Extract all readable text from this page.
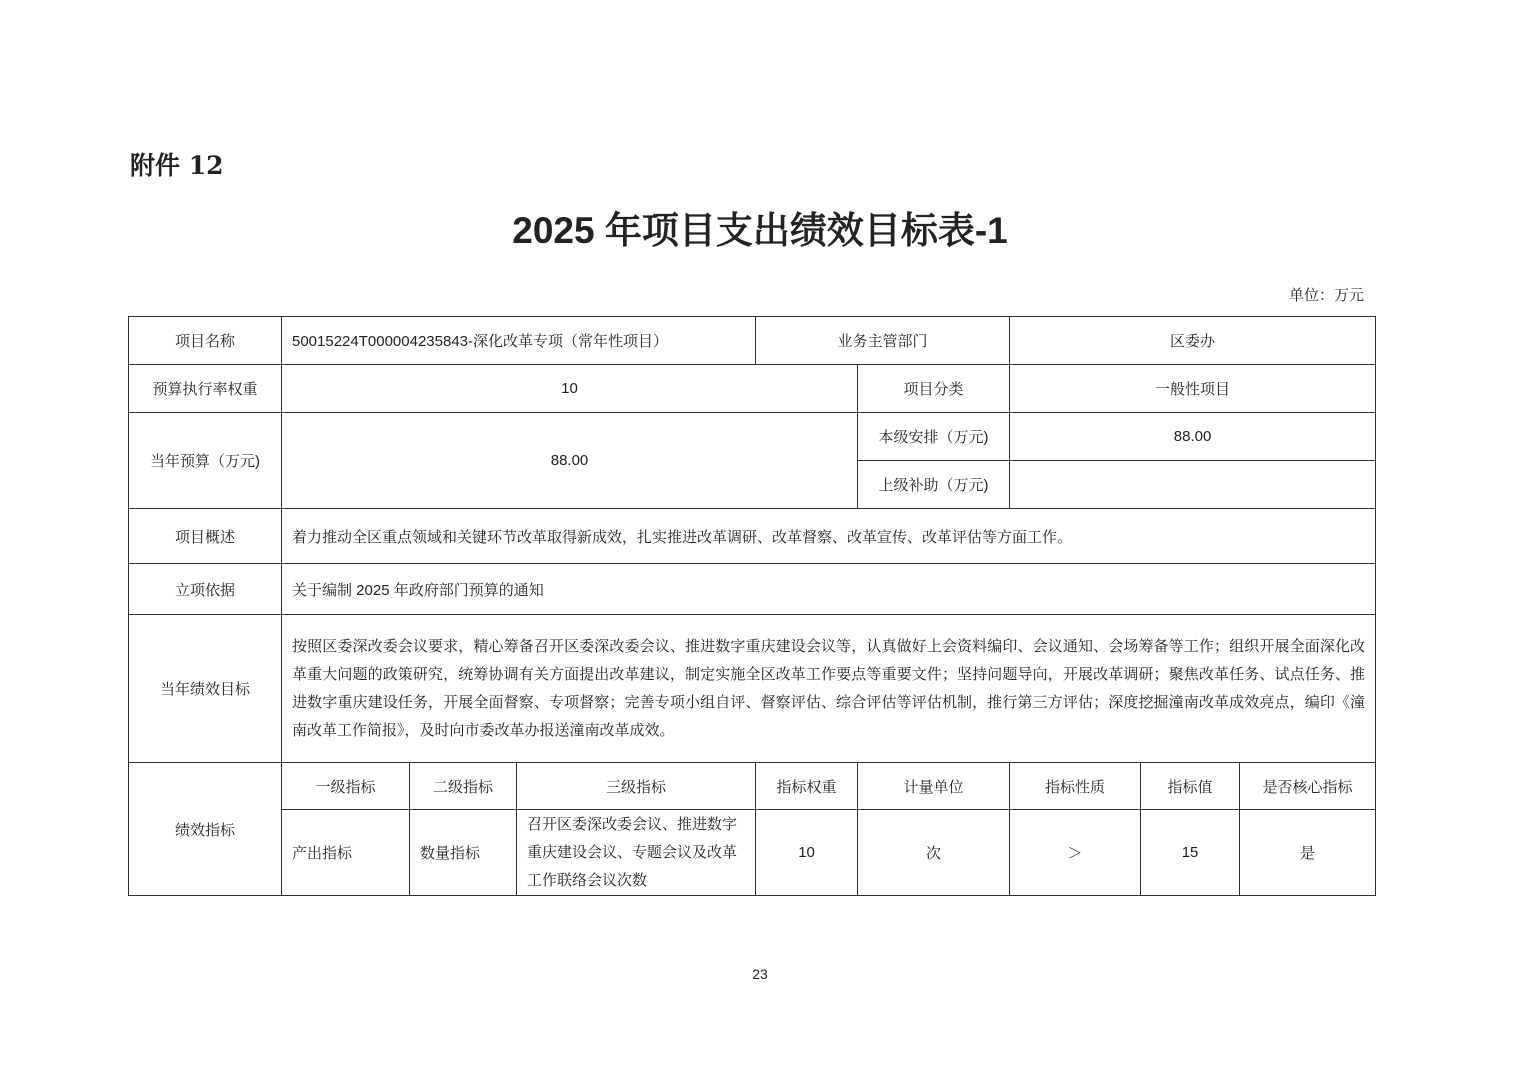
附件 12
2025 年项目支出绩效目标表-1
单位：万元
项目名称	50015224T000004235843-深化改革专项（常年性项目）			业务主管部门		区委办		
预算执行率权重	10				项目分类	一般性项目		
当年预算（万元)	88.00				本级安排（万元)	88.00		
					上级补助（万元)			
项目概述	着力推动全区重点领域和关键环节改革取得新成效，扎实推进改革调研、改革督察、改革宣传、改革评估等方面工作。							
立项依据	关于编制 2025 年政府部门预算的通知							
当年绩效目标	按照区委深改委会议要求，精心筹备召开区委深改委会议、推进数字重庆建设会议等，认真做好上会资料编印、会议通知、会场筹备等工作；组织开展全面深化改革重大问题的政策研究，统筹协调有关方面提出改革建议，制定实施全区改革工作要点等重要文件；坚持问题导向，开展改革调研；聚焦改革任务、试点任务、推进数字重庆建设任务，开展全面督察、专项督察；完善专项小组自评、督察评估、综合评估等评估机制，推行第三方评估；深度挖掘潼南改革成效亮点，编印《潼南改革工作简报》，及时向市委改革办报送潼南改革成效。							
绩效指标	一级指标	二级指标	三级指标	指标权重	计量单位	指标性质	指标值	是否核心指标
	产出指标	数量指标	召开区委深改委会议、推进数字重庆建设会议、专题会议及改革工作联络会议次数	10	次	＞	15	是
23
